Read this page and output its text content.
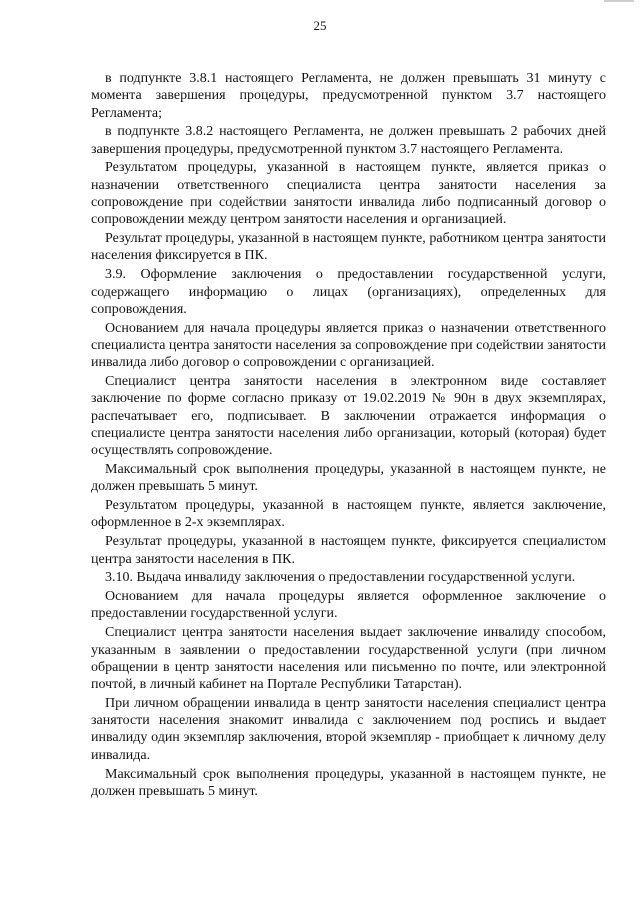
25

в подпункте 3.8.1 настоящего Регламента, не должен превышать 31 минуту с момента завершения процедуры, предусмотренной пунктом 3.7 настоящего Регламента;

в подпункте 3.8.2 настоящего Регламента, не должен превышать 2 рабочих дней завершения процедуры, предусмотренной пунктом 3.7 настоящего Регламента.

Результатом процедуры, указанной в настоящем пункте, является приказ о назначении ответственного специалиста центра занятости населения за сопровождение при содействии занятости инвалида либо подписанный договор о сопровождении между центром занятости населения и организацией.

Результат процедуры, указанной в настоящем пункте, работником центра занятости населения фиксируется в ПК.

3.9. Оформление заключения о предоставлении государственной услуги, содержащего информацию о лицах (организациях), определенных для сопровождения.

Основанием для начала процедуры является приказ о назначении ответственного специалиста центра занятости населения за сопровождение при содействии занятости инвалида либо договор о сопровождении с организацией.

Специалист центра занятости населения в электронном виде составляет заключение по форме согласно приказу от 19.02.2019 № 90н в двух экземплярах, распечатывает его, подписывает. В заключении отражается информация о специалисте центра занятости населения либо организации, который (которая) будет осуществлять сопровождение.

Максимальный срок выполнения процедуры, указанной в настоящем пункте, не должен превышать 5 минут.

Результатом процедуры, указанной в настоящем пункте, является заключение, оформленное в 2-х экземплярах.

Результат процедуры, указанной в настоящем пункте, фиксируется специалистом центра занятости населения в ПК.

3.10. Выдача инвалиду заключения о предоставлении государственной услуги.

Основанием для начала процедуры является оформленное заключение о предоставлении государственной услуги.

Специалист центра занятости населения выдает заключение инвалиду способом, указанным в заявлении о предоставлении государственной услуги (при личном обращении в центр занятости населения или письменно по почте, или электронной почтой, в личный кабинет на Портале Республики Татарстан).

При личном обращении инвалида в центр занятости населения специалист центра занятости населения знакомит инвалида с заключением под роспись и выдает инвалиду один экземпляр заключения, второй экземпляр - приобщает к личному делу инвалида.

Максимальный срок выполнения процедуры, указанной в настоящем пункте, не должен превышать 5 минут.
